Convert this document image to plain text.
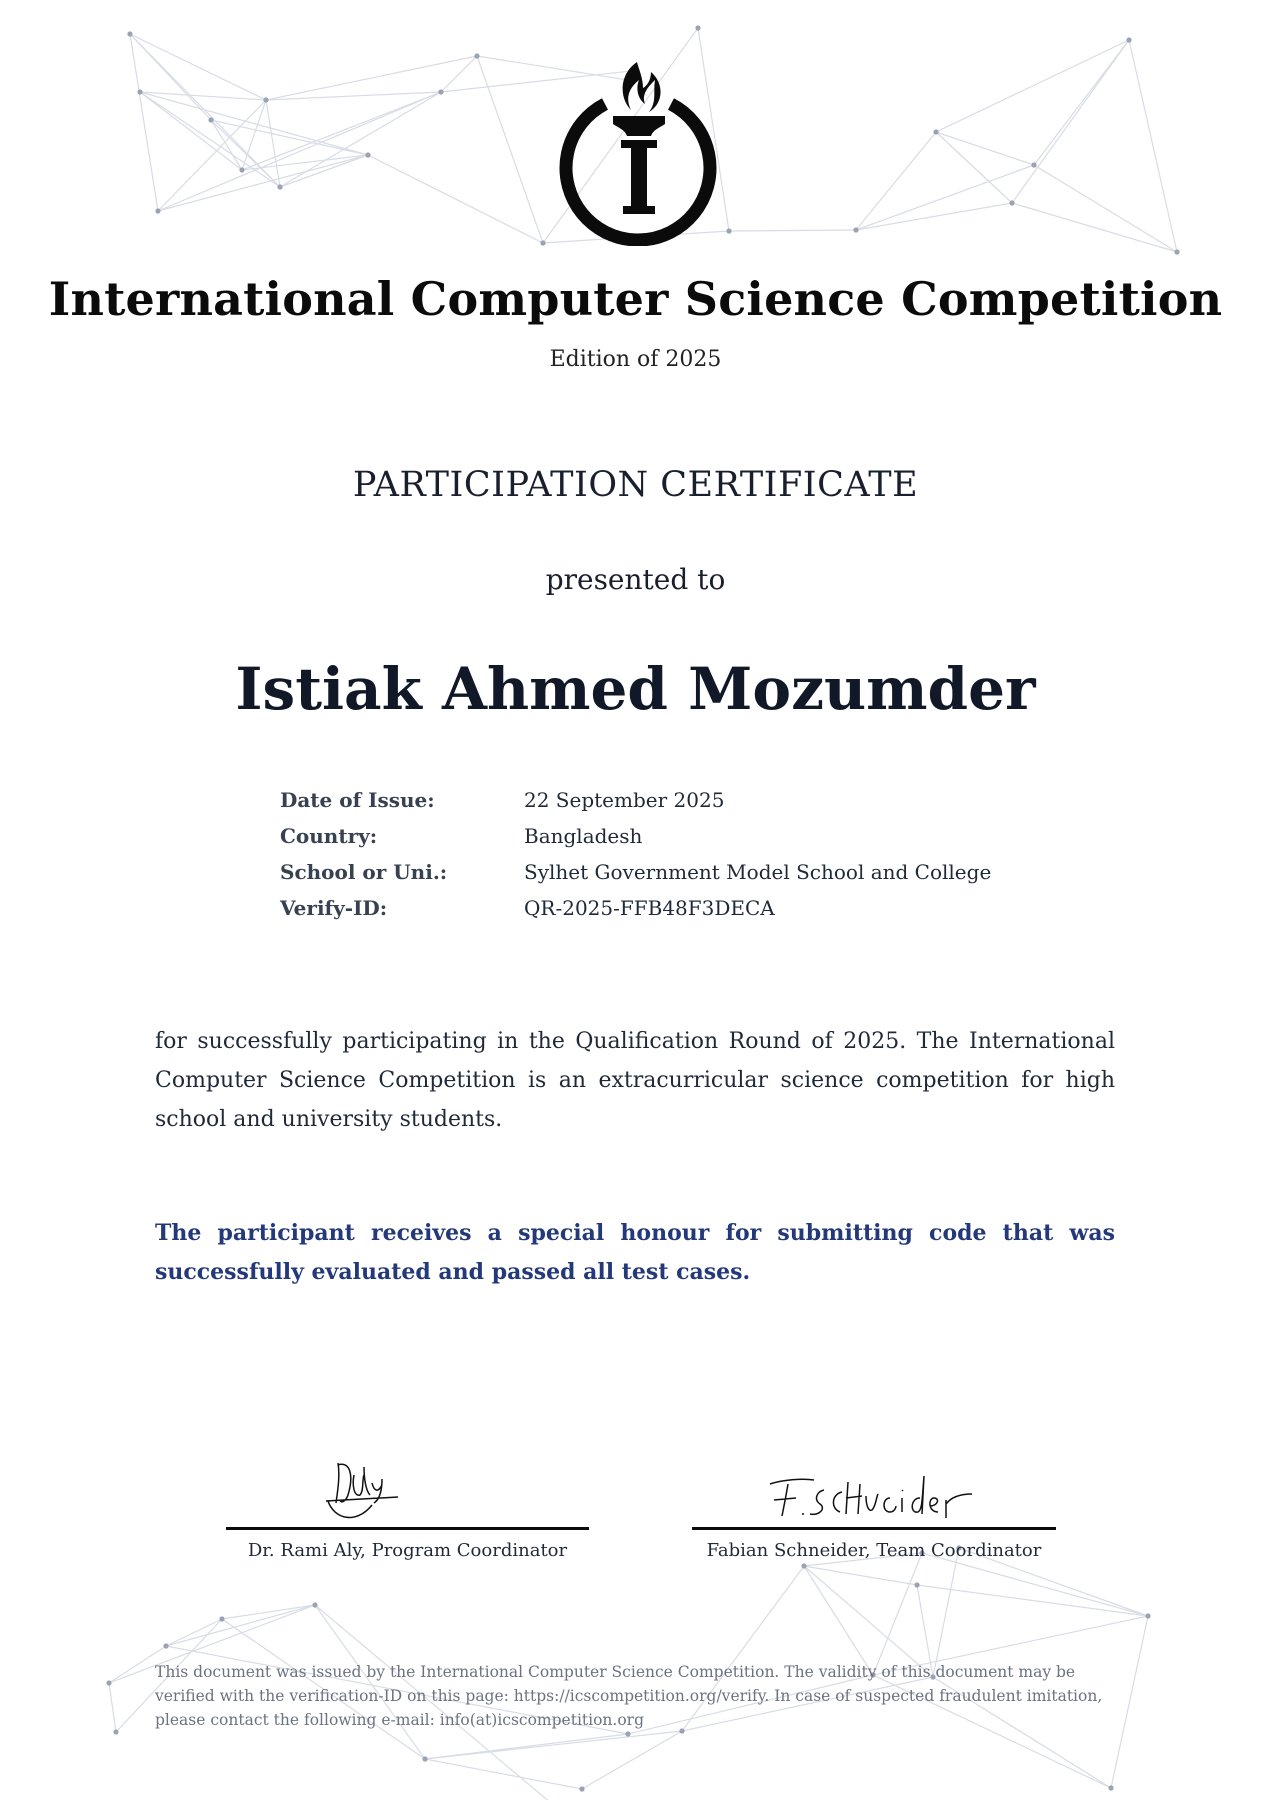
International Computer Science Competition
Edition of 2025
PARTICIPATION CERTIFICATE
presented to
Istiak Ahmed Mozumder
Date of Issue:	22 September 2025
Country:	Bangladesh
School or Uni.:	Sylhet Government Model School and College
Verify-ID:	QR-2025-FFB48F3DECA
for successfully participating in the Qualification Round of 2025. The International Computer Science Competition is an extracurricular science competition for high school and university students.
The participant receives a special honour for submitting code that was successfully evaluated and passed all test cases.
Dr. Rami Aly, Program Coordinator	Fabian Schneider, Team Coordinator
This document was issued by the International Computer Science Competition. The validity of this document may be verified with the verification-ID on this page: https://icscompetition.org/verify. In case of suspected fraudulent imitation, please contact the following e-mail: info(at)icscompetition.org
